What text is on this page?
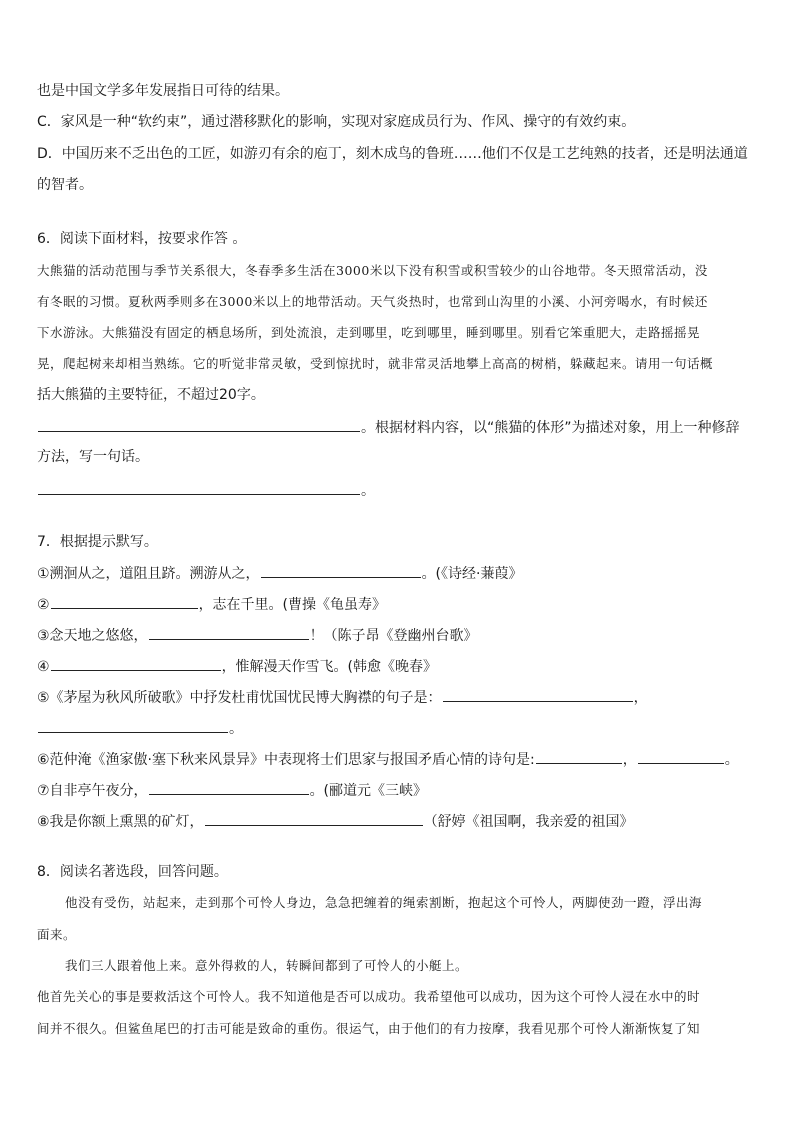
也是中国文学多年发展指日可待的结果。
C．家风是一种“软约束”，通过潜移默化的影响，实现对家庭成员行为、作风、操守的有效约束。
D．中国历来不乏出色的工匠，如游刃有余的庖丁，刻木成鸟的鲁班……他们不仅是工艺纯熟的技者，还是明法通道
的智者。
6．阅读下面材料，按要求作答 。
大熊猫的活动范围与季节关系很大，冬春季多生活在3000米以下没有积雪或积雪较少的山谷地带。冬天照常活动，没
有冬眠的习惯。夏秋两季则多在3000米以上的地带活动。天气炎热时，也常到山沟里的小溪、小河旁喝水，有时候还
下水游泳。大熊猫没有固定的栖息场所，到处流浪，走到哪里，吃到哪里，睡到哪里。别看它笨重肥大，走路摇摇晃
晃，爬起树来却相当熟练。它的听觉非常灵敏，受到惊扰时，就非常灵活地攀上高高的树梢，躲藏起来。请用一句话概
括大熊猫的主要特征，不超过20字。
。根据材料内容，以“熊猫的体形”为描述对象，用上一种修辞
方法，写一句话。
。
7．根据提示默写。
①溯洄从之，道阻且跻。溯游从之，	。(《诗经·蒹葭》
②	，志在千里。(曹操《龟虽寿》
③念天地之悠悠，	！（陈子昂《登幽州台歌》
④	，惟解漫天作雪飞。(韩愈《晚春》
⑤《茅屋为秋风所破歌》中抒发杜甫忧国忧民博大胸襟的句子是：	，
。
⑥范仲淹《渔家傲·塞下秋来风景异》中表现将士们思家与报国矛盾心情的诗句是:	，	。
⑦自非亭午夜分，	。(郦道元《三峡》
⑧我是你额上熏黑的矿灯，	（舒婷《祖国啊，我亲爱的祖国》
8．阅读名著选段，回答问题。
他没有受伤，站起来，走到那个可怜人身边，急急把缠着的绳索割断，抱起这个可怜人，两脚使劲一蹬，浮出海
面来。
我们三人跟着他上来。意外得救的人，转瞬间都到了可怜人的小艇上。
他首先关心的事是要救活这个可怜人。我不知道他是否可以成功。我希望他可以成功，因为这个可怜人浸在水中的时
间并不很久。但鲨鱼尾巴的打击可能是致命的重伤。很运气，由于他们的有力按摩，我看见那个可怜人渐渐恢复了知
